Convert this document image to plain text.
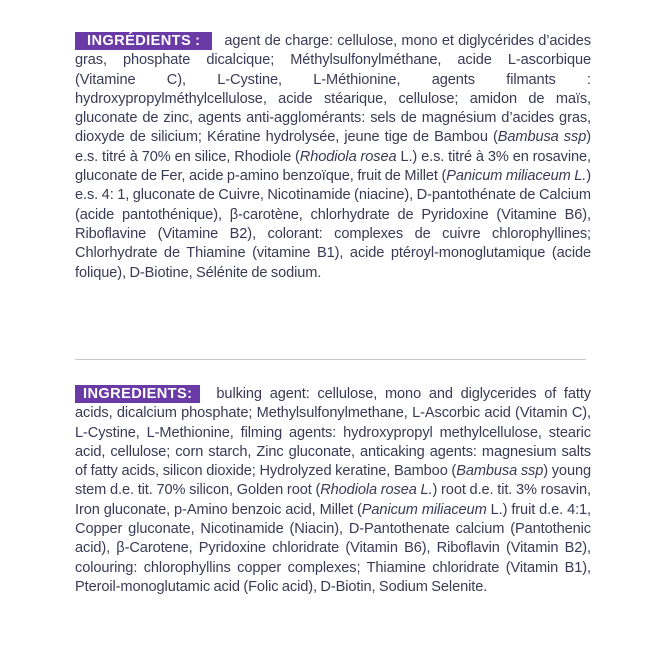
INGRÉDIENTS : agent de charge: cellulose, mono et diglycérides d’acides gras, phosphate dicalcique; Méthylsulfonylméthane, acide L-ascorbique (Vitamine C), L-Cystine, L-Méthionine, agents filmants : hydroxypropylméthylcellulose, acide stéarique, cellulose; amidon de maïs, gluconate de zinc, agents anti-agglomérants: sels de magnésium d’acides gras, dioxyde de silicium; Kératine hydrolysée, jeune tige de Bambou (Bambusa ssp) e.s. titré à 70% en silice, Rhodiole (Rhodiola rosea L.) e.s. titré à 3% en rosavine, gluconate de Fer, acide p-amino benzoïque, fruit de Millet (Panicum miliaceum L.) e.s. 4: 1, gluconate de Cuivre, Nicotinamide (niacine), D-pantothénate de Calcium (acide pantothénique), β-carotène, chlorhydrate de Pyridoxine (Vitamine B6), Riboflavine (Vitamine B2), colorant: complexes de cuivre chlorophyllines; Chlorhydrate de Thiamine (vitamine B1), acide ptéroyl-monoglutamique (acide folique), D-Biotine, Sélénite de sodium.
INGREDIENTS: bulking agent: cellulose, mono and diglycerides of fatty acids, dicalcium phosphate; Methylsulfonylmethane, L-Ascorbic acid (Vitamin C), L-Cystine, L-Methionine, filming agents: hydroxypropyl methylcellulose, stearic acid, cellulose; corn starch, Zinc gluconate, anticaking agents: magnesium salts of fatty acids, silicon dioxide; Hydrolyzed keratine, Bamboo (Bambusa ssp) young stem d.e. tit. 70% silicon, Golden root (Rhodiola rosea L.) root d.e. tit. 3% rosavin, Iron gluconate, p-Amino benzoic acid, Millet (Panicum miliaceum L.) fruit d.e. 4:1, Copper gluconate, Nicotinamide (Niacin), D-Pantothenate calcium (Pantothenic acid), β-Carotene, Pyridoxine chloridrate (Vitamin B6), Riboflavin (Vitamin B2), colouring: chlorophyllins copper complexes; Thiamine chloridrate (Vitamin B1), Pteroil-monoglutamic acid (Folic acid), D-Biotin, Sodium Selenite.
